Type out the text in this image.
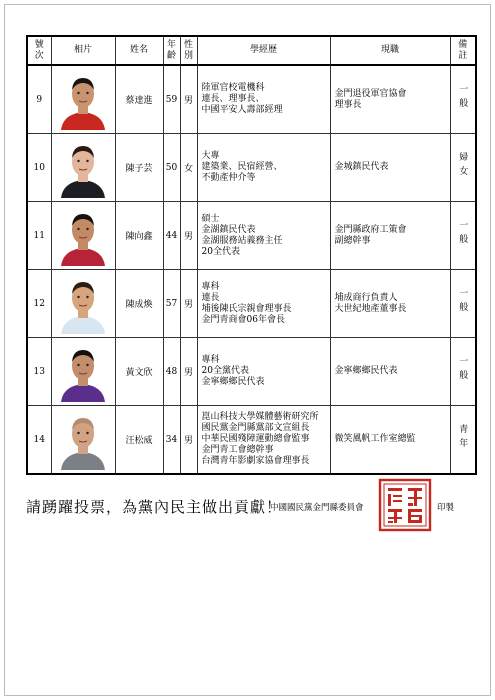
號
次	相片	姓名	年
齡	性
別	學經歷	現職	備
註
9		蔡達進	59	男	陸軍官校電機科
連長、理事長、
中國平安人壽部經理	金門退役軍官協會
理事長	一般
10		陳子芸	50	女	大專
建築業、民宿經營、
不動產仲介等	金城鎮民代表	婦女
11		陳向鑫	44	男	碩士
金湖鎮民代表
金湖服務站義務主任
20全代表	金門縣政府工策會
副總幹事	一般
12		陳成煥	57	男	專科
連長
埔後陳氏宗親會理事長
金門青商會06年會長	埔成商行負責人
大世紀地產董事長	一般
13		黃文欣	48	男	專科
20全黨代表
金寧鄉鄉民代表	金寧鄉鄉民代表	一般
14		汪松威	34	男	崑山科技大學媒體藝術研究所
國民黨金門縣黨部文宣組長
中華民國殘障運動總會監事
金門青工會總幹事
台灣青年影劇家協會理事長	微笑風帆工作室總監	青年
請踴躍投票，為黨內民主做出貢獻！
中國國民黨金門縣委員會	印製
